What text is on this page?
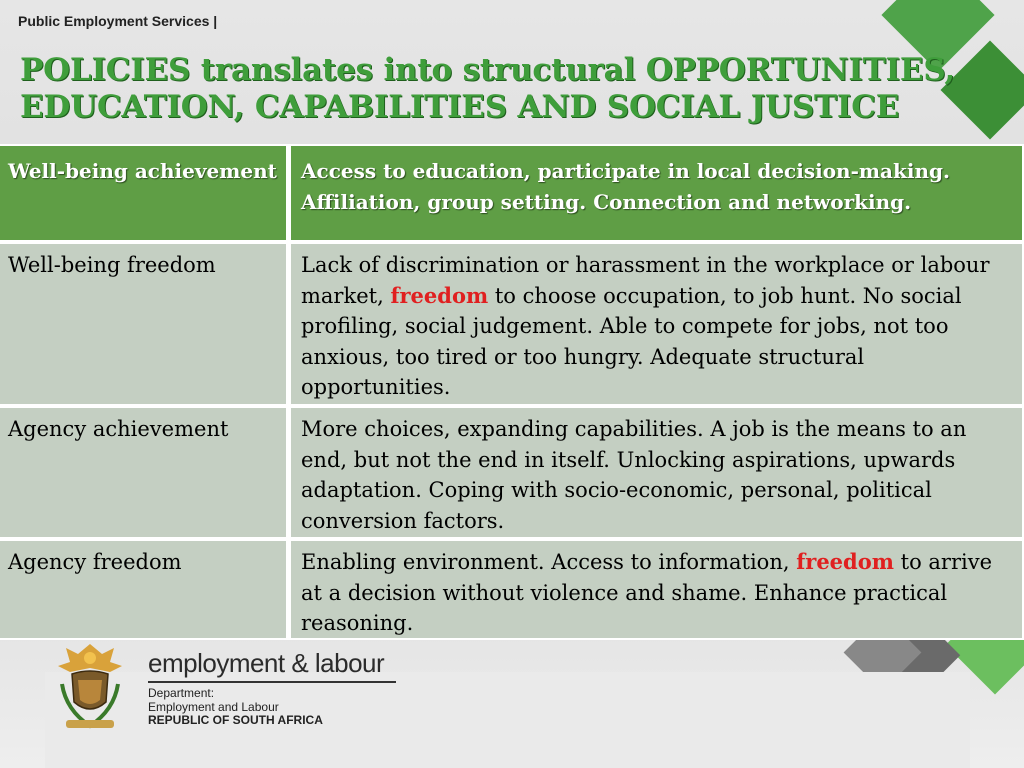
Public Employment Services |
POLICIES translates into structural OPPORTUNITIES,
EDUCATION, CAPABILITIES AND SOCIAL JUSTICE
Well-being achievement	Access to education, participate in local decision-making. Affiliation, group setting. Connection and networking.
Well-being freedom	Lack of discrimination or harassment in the workplace or labour market, freedom to choose occupation, to job hunt. No social profiling, social judgement. Able to compete for jobs, not too anxious, too tired or too hungry. Adequate structural opportunities.
Agency achievement	More choices, expanding capabilities. A job is the means to an end, but not the end in itself. Unlocking aspirations, upwards adaptation. Coping with socio-economic, personal, political conversion factors.
Agency freedom	Enabling environment. Access to information, freedom to arrive at a decision without violence and shame. Enhance practical reasoning.
employment & labour
Department:
Employment and Labour
REPUBLIC OF SOUTH AFRICA
